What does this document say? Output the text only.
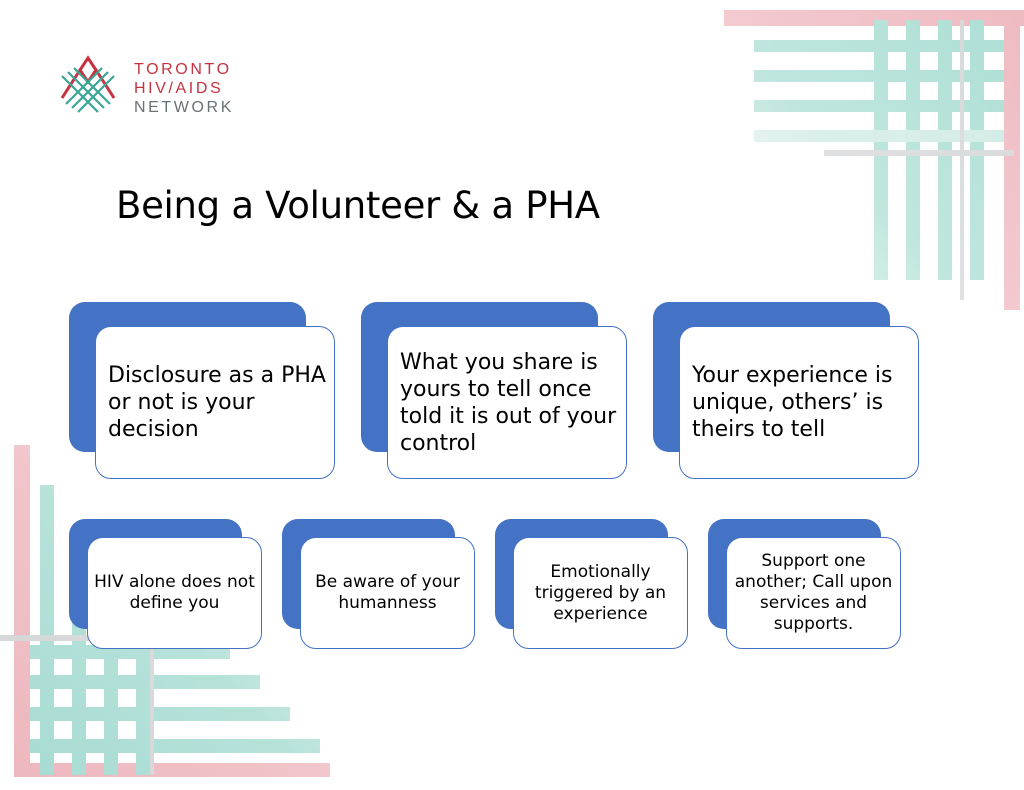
TORONTO
HIV/AIDS
NETWORK
Being a Volunteer & a PHA
Disclosure as a PHA or not is your decision
What you share is yours to tell once told it is out of your control
Your experience is unique, others’ is theirs to tell
HIV alone does not define you
Be aware of your humanness
Emotionally triggered by an experience
Support one another; Call upon services and supports.
